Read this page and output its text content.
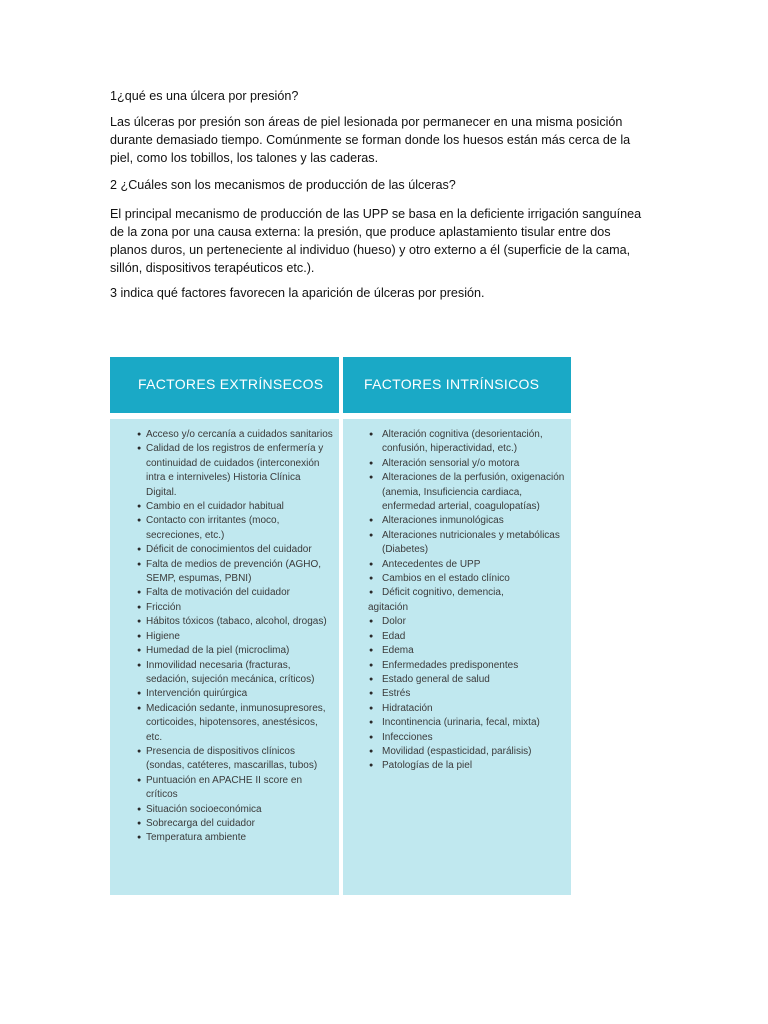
1¿qué es una úlcera por presión?

Las úlceras por presión son áreas de piel lesionada por permanecer en una misma posición durante demasiado tiempo. Comúnmente se forman donde los huesos están más cerca de la piel, como los tobillos, los talones y las caderas.

2 ¿Cuáles son los mecanismos de producción de las úlceras?

El principal mecanismo de producción de las UPP se basa en la deficiente irrigación sanguínea de la zona por una causa externa: la presión, que produce aplastamiento tisular entre dos planos duros, un perteneciente al individuo (hueso) y otro externo a él (superficie de la cama, sillón, dispositivos terapéuticos etc.).

3 indica qué factores favorecen la aparición de úlceras por presión.

FACTORES EXTRÍNSECOS	FACTORES INTRÍNSICOS
● Acceso y/o cercanía a cuidados sanitarios
● Calidad de los registros de enfermería y continuidad de cuidados (interconexión intra e interniveles) Historia Clínica Digital.
● Cambio en el cuidador habitual
● Contacto con irritantes (moco, secreciones, etc.)
● Déficit de conocimientos del cuidador
● Falta de medios de prevención (AGHO, SEMP, espumas, PBNI)
● Falta de motivación del cuidador
● Fricción
● Hábitos tóxicos (tabaco, alcohol, drogas)
● Higiene
● Humedad de la piel (microclima)
● Inmovilidad necesaria (fracturas, sedación, sujeción mecánica, críticos)
● Intervención quirúrgica
● Medicación sedante, inmunosupresores, corticoides, hipotensores, anestésicos, etc.
● Presencia de dispositivos clínicos (sondas, catéteres, mascarillas, tubos)
● Puntuación en APACHE II score en críticos
● Situación socioeconómica
● Sobrecarga del cuidador
● Temperatura ambiente
● Alteración cognitiva (desorientación, confusión, hiperactividad, etc.)
● Alteración sensorial y/o motora
● Alteraciones de la perfusión, oxigenación (anemia, Insuficiencia cardiaca, enfermedad arterial, coagulopatías)
● Alteraciones inmunológicas
● Alteraciones nutricionales y metabólicas (Diabetes)
● Antecedentes de UPP
● Cambios en el estado clínico
● Déficit cognitivo, demencia,
agitación
● Dolor
● Edad
● Edema
● Enfermedades predisponentes
● Estado general de salud
● Estrés
● Hidratación
● Incontinencia (urinaria, fecal, mixta)
● Infecciones
● Movilidad (espasticidad, parálisis)
● Patologías de la piel
